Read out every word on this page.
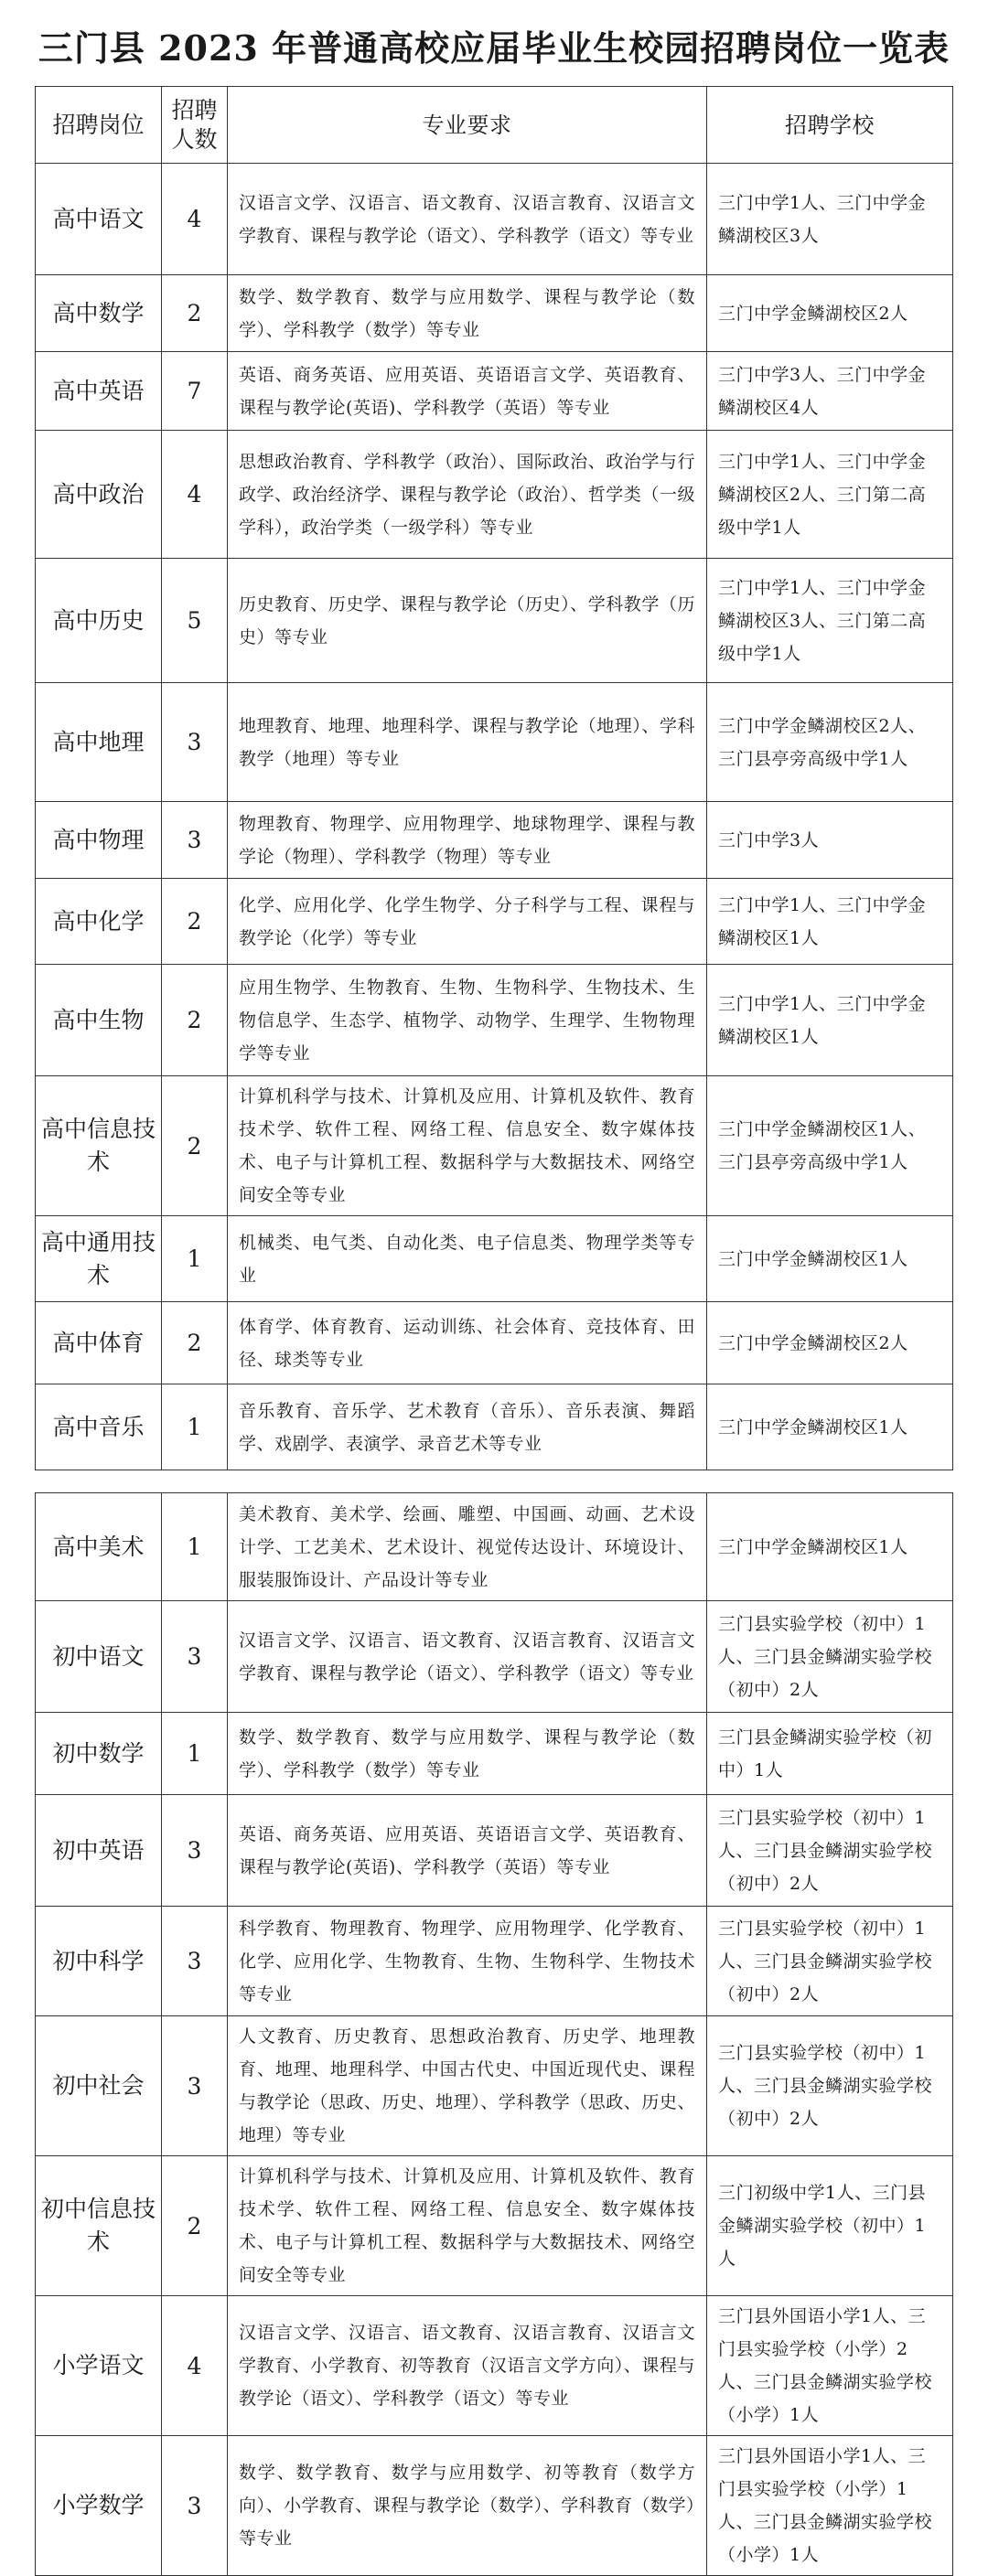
三门县 2023 年普通高校应届毕业生校园招聘岗位一览表
招聘岗位	招聘人数	专业要求	招聘学校
高中语文	4	汉语言文学、汉语言、语文教育、汉语言教育、汉语言文学教育、课程与教学论（语文）、学科教学（语文）等专业	三门中学1人、三门中学金鳞湖校区3人
高中数学	2	数学、数学教育、数学与应用数学、课程与教学论（数学）、学科教学（数学）等专业	三门中学金鳞湖校区2人
高中英语	7	英语、商务英语、应用英语、英语语言文学、英语教育、课程与教学论(英语)、学科教学（英语）等专业	三门中学3人、三门中学金鳞湖校区4人
高中政治	4	思想政治教育、学科教学（政治）、国际政治、政治学与行政学、政治经济学、课程与教学论（政治）、哲学类（一级学科），政治学类（一级学科）等专业	三门中学1人、三门中学金鳞湖校区2人、三门第二高级中学1人
高中历史	5	历史教育、历史学、课程与教学论（历史）、学科教学（历史）等专业	三门中学1人、三门中学金鳞湖校区3人、三门第二高级中学1人
高中地理	3	地理教育、地理、地理科学、课程与教学论（地理）、学科教学（地理）等专业	三门中学金鳞湖校区2人、三门县亭旁高级中学1人
高中物理	3	物理教育、物理学、应用物理学、地球物理学、课程与教学论（物理）、学科教学（物理）等专业	三门中学3人
高中化学	2	化学、应用化学、化学生物学、分子科学与工程、课程与教学论（化学）等专业	三门中学1人、三门中学金鳞湖校区1人
高中生物	2	应用生物学、生物教育、生物、生物科学、生物技术、生物信息学、生态学、植物学、动物学、生理学、生物物理学等专业	三门中学1人、三门中学金鳞湖校区1人
高中信息技术	2	计算机科学与技术、计算机及应用、计算机及软件、教育技术学、软件工程、网络工程、信息安全、数字媒体技术、电子与计算机工程、数据科学与大数据技术、网络空间安全等专业	三门中学金鳞湖校区1人、三门县亭旁高级中学1人
高中通用技术	1	机械类、电气类、自动化类、电子信息类、物理学类等专业	三门中学金鳞湖校区1人
高中体育	2	体育学、体育教育、运动训练、社会体育、竞技体育、田径、球类等专业	三门中学金鳞湖校区2人
高中音乐	1	音乐教育、音乐学、艺术教育（音乐）、音乐表演、舞蹈学、戏剧学、表演学、录音艺术等专业	三门中学金鳞湖校区1人
高中美术	1	美术教育、美术学、绘画、雕塑、中国画、动画、艺术设计学、工艺美术、艺术设计、视觉传达设计、环境设计、服装服饰设计、产品设计等专业	三门中学金鳞湖校区1人
初中语文	3	汉语言文学、汉语言、语文教育、汉语言教育、汉语言文学教育、课程与教学论（语文）、学科教学（语文）等专业	三门县实验学校（初中）1人、三门县金鳞湖实验学校（初中）2人
初中数学	1	数学、数学教育、数学与应用数学、课程与教学论（数学）、学科教学（数学）等专业	三门县金鳞湖实验学校（初中）1人
初中英语	3	英语、商务英语、应用英语、英语语言文学、英语教育、课程与教学论(英语)、学科教学（英语）等专业	三门县实验学校（初中）1人、三门县金鳞湖实验学校（初中）2人
初中科学	3	科学教育、物理教育、物理学、应用物理学、化学教育、化学、应用化学、生物教育、生物、生物科学、生物技术等专业	三门县实验学校（初中）1人、三门县金鳞湖实验学校（初中）2人
初中社会	3	人文教育、历史教育、思想政治教育、历史学、地理教育、地理、地理科学、中国古代史、中国近现代史、课程与教学论（思政、历史、地理）、学科教学（思政、历史、地理）等专业	三门县实验学校（初中）1人、三门县金鳞湖实验学校（初中）2人
初中信息技术	2	计算机科学与技术、计算机及应用、计算机及软件、教育技术学、软件工程、网络工程、信息安全、数字媒体技术、电子与计算机工程、数据科学与大数据技术、网络空间安全等专业	三门初级中学1人、三门县金鳞湖实验学校（初中）1人
小学语文	4	汉语言文学、汉语言、语文教育、汉语言教育、汉语言文学教育、小学教育、初等教育（汉语言文学方向）、课程与教学论（语文）、学科教学（语文）等专业	三门县外国语小学1人、三门县实验学校（小学）2人、三门县金鳞湖实验学校（小学）1人
小学数学	3	数学、数学教育、数学与应用数学、初等教育（数学方向）、小学教育、课程与教学论（数学）、学科教育（数学）等专业	三门县外国语小学1人、三门县实验学校（小学）1人、三门县金鳞湖实验学校（小学）1人
